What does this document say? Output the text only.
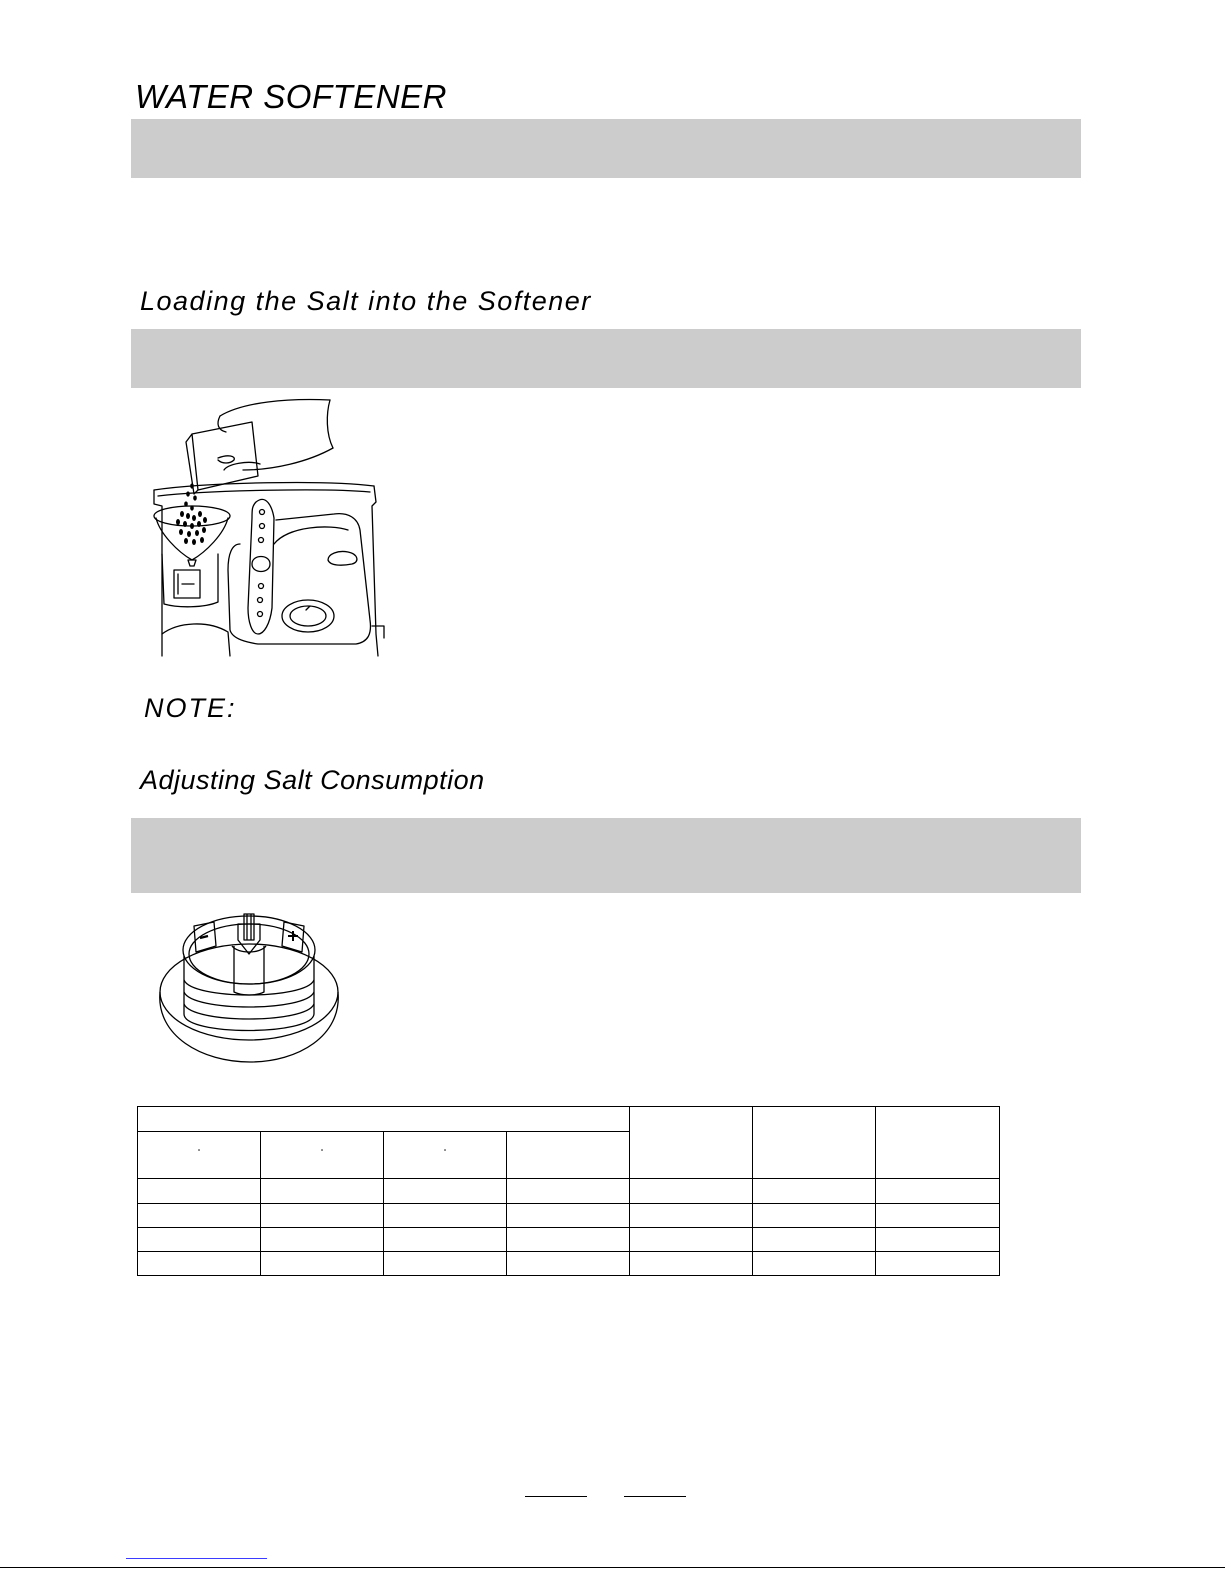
WATER SOFTENER
Loading the Salt into the Softener
NOTE:
Adjusting Salt Consumption

°	°	°				
